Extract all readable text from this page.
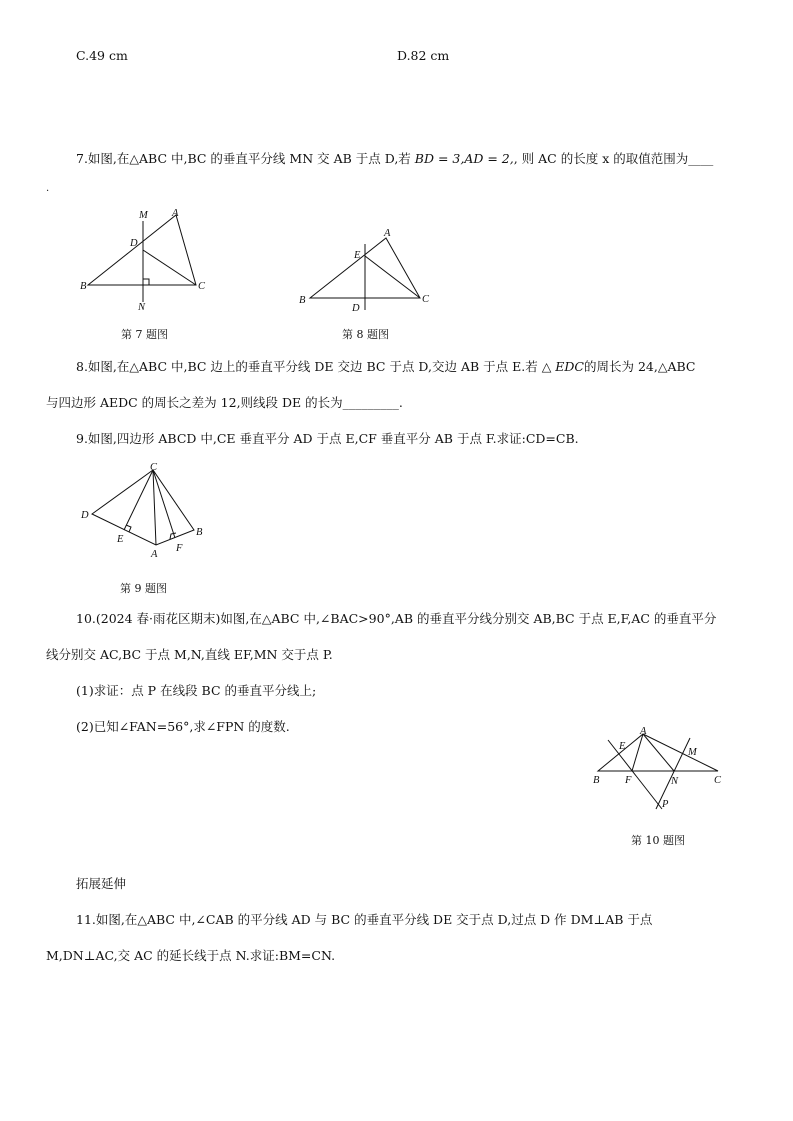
C.49 cm	D.82 cm
7.如图,在△ABC 中,BC 的垂直平分线 MN 交 AB 于点 D,若 BD = 3,AD = 2,, 则 AC 的长度 x 的取值范围为____
.
M A
D
B	C
N
第 7 题图
A
E
B
D
C
第 8 题图
8.如图,在△ABC 中,BC 边上的垂直平分线 DE 交边 BC 于点 D,交边 AB 于点 E.若 △ EDC的周长为 24,△ABC
与四边形 AEDC 的周长之差为 12,则线段 DE 的长为_________.
9.如图,四边形 ABCD 中,CE 垂直平分 AD 于点 E,CF 垂直平分 AB 于点 F.求证:CD=CB.
C
D
E
A
F
B
第 9 题图
10.(2024 春·雨花区期末)如图,在△ABC 中,∠BAC>90°,AB 的垂直平分线分别交 AB,BC 于点 E,F,AC 的垂直平分
线分别交 AC,BC 于点 M,N,直线 EF,MN 交于点 P.
(1)求证：点 P 在线段 BC 的垂直平分线上;
(2)已知∠FAN=56°,求∠FPN 的度数.	A
E
M
B F	N	C
P
第 10 题图
拓展延伸
11.如图,在△ABC 中,∠CAB 的平分线 AD 与 BC 的垂直平分线 DE 交于点 D,过点 D 作 DM⊥AB 于点
M,DN⊥AC,交 AC 的延长线于点 N.求证:BM=CN.
